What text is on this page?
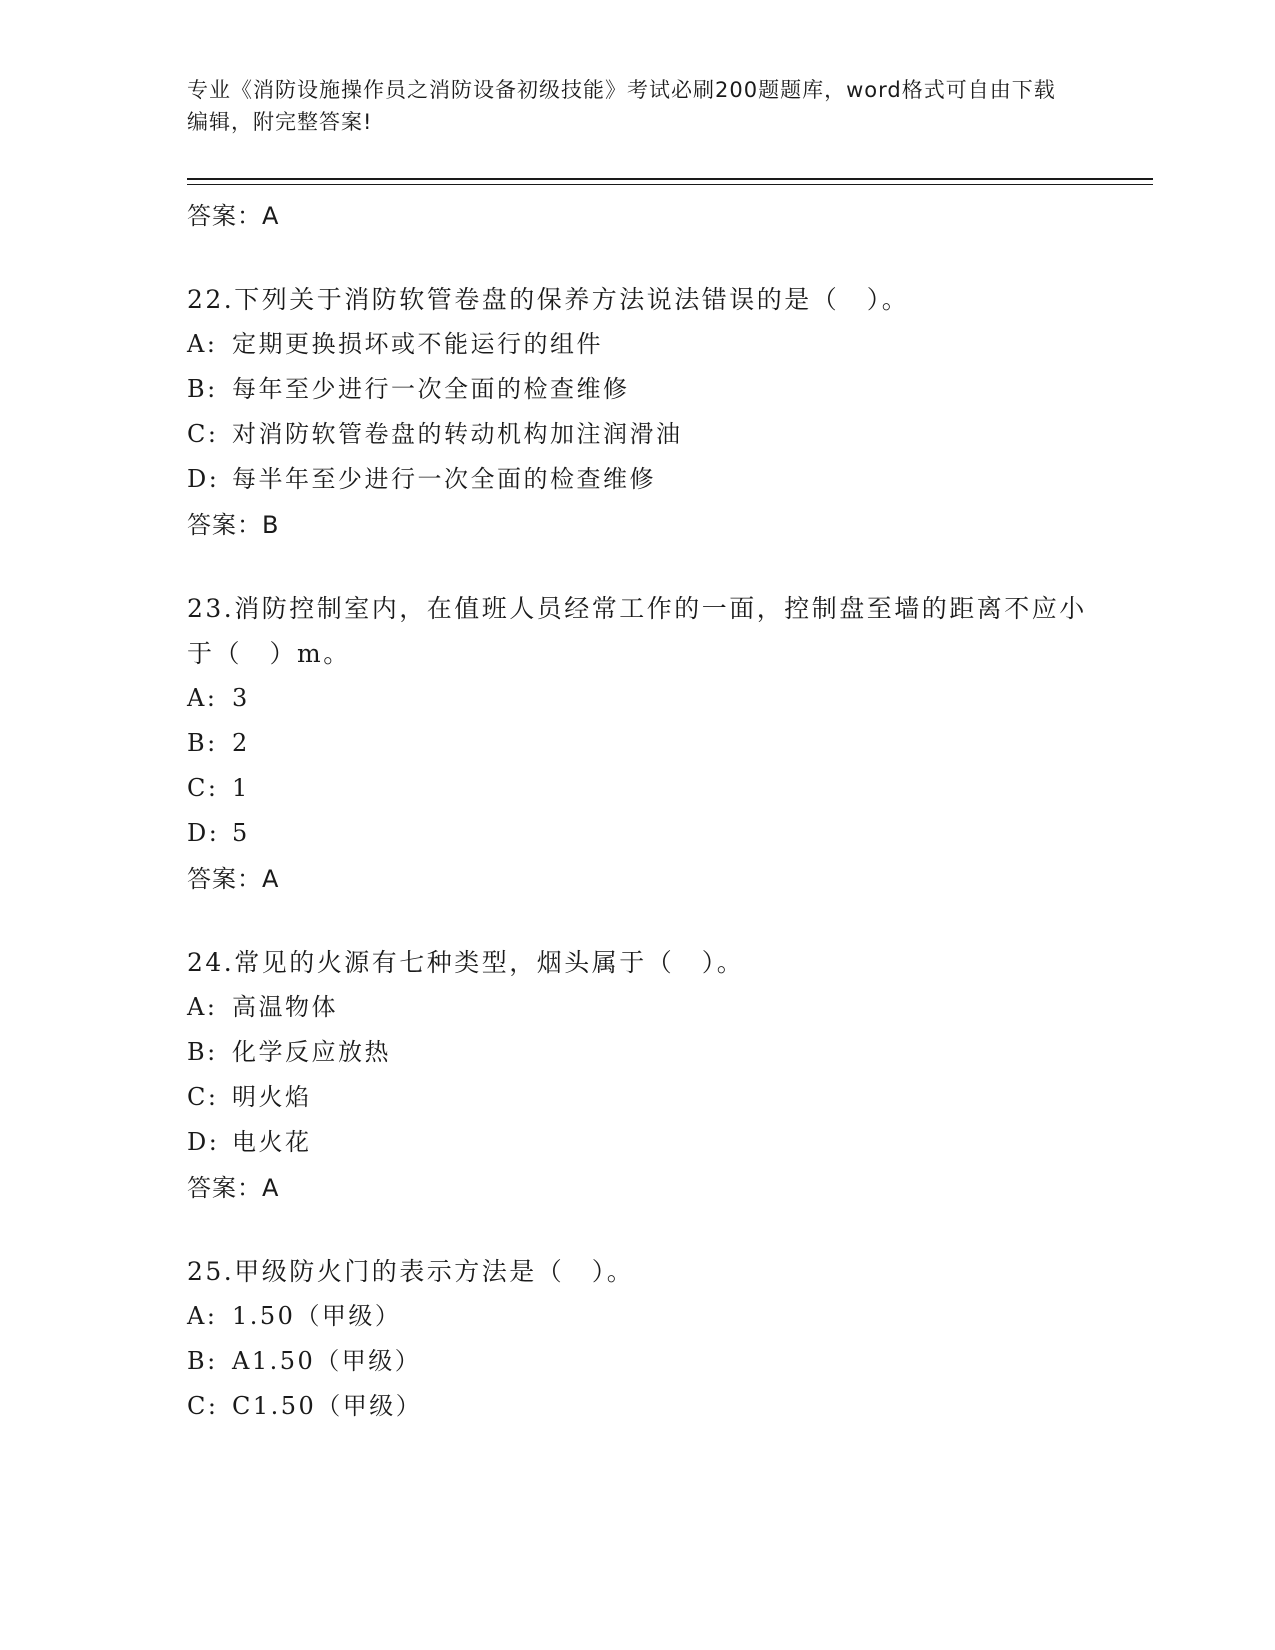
专业《消防设施操作员之消防设备初级技能》考试必刷200题题库，word格式可自由下载编辑，附完整答案!
答案：A
22.下列关于消防软管卷盘的保养方法说法错误的是（　）。
A: 定期更换损坏或不能运行的组件
B: 每年至少进行一次全面的检查维修
C: 对消防软管卷盘的转动机构加注润滑油
D: 每半年至少进行一次全面的检查维修
答案：B
23.消防控制室内，在值班人员经常工作的一面，控制盘至墙的距离不应小于（　）m。
A: 3
B: 2
C: 1
D: 5
答案：A
24.常见的火源有七种类型，烟头属于（　）。
A: 高温物体
B: 化学反应放热
C: 明火焰
D: 电火花
答案：A
25.甲级防火门的表示方法是（　）。
A: 1.50（甲级）
B: A1.50（甲级）
C: C1.50（甲级）
